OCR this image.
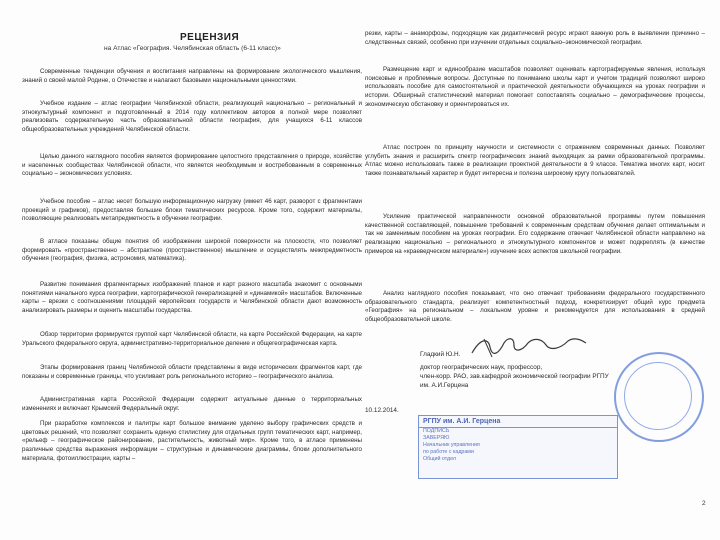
РЕЦЕНЗИЯ
на Атлас «География. Челябинская область (6-11 класс)»

Современные тенденции обучения и воспитания направлены на формирование экологического мышления, знаний о своей малой Родине, о Отечестве и налагают базовыми национальными ценностями.

Учебное издание – атлас географии Челябинской области, реализующий национально – региональный и этнокультурный компонент и подготовленный в 2014 году коллективом авторов в полной мере позволяет реализовать содержательную часть образовательной области география, для учащихся 6-11 классов общеобразовательных учреждений Челябинской области.

Целью данного наглядного пособия является формирование целостного представления о природе, хозяйстве и населенных сообществах Челябинской области, что является необходимым и востребованным в современных социально – экономических условиях.

Учебное пособие – атлас несет большую информационную нагрузку (имеет 46 карт, разворот с фрагментами проекций и графиков), предоставляя большие блоки тематических ресурсов. Кроме того, содержит материалы, позволяющие реализовать метапредметность в обучении географии.

В атласе показаны общие понятия об изображении широкой поверхности на плоскости, что позволяет формировать «пространственно – абстрактное (пространственное) мышление и осуществлять межпредметность обучения (география, физика, астрономия, математика).

Развитие понимания фрагментарных изображений планов и карт разного масштаба знакомит с основными понятиями начального курса географии, картографической генерализацией и «динамикой» масштабов. Включенные карты – врезки с соотношениями площадей европейских государств и Челябинской области дают возможность анализировать размеры и оценить масштабы государства.

Обзор территории формируется группой карт Челябинской области, на карте Российской Федерации, на карте Уральского федерального округа, административно-территориальное деление и общегеографическая карта.

Этапы формирования границ Челябинской области представлены в виде исторических фрагментов карт, где показаны и современные границы, что усиливает роль регионального историко – географического анализа.

Административная карта Российской Федерации содержит актуальные данные о территориальных изменениях и включает Крымский Федеральный округ.

При разработке комплексов и палитры карт большое внимание уделено выбору графических средств и цветовых решений, что позволяет сохранить единую стилистику для отдельных групп тематических карт, например, «рельеф – географическое районирование, растительность, животный мир». Кроме того, в атласе применены различные средства выражения информации – структурные и динамические диаграммы, блоки дополнительного материала, фотоиллюстрации, карты –

резки, карты – анаморфозы, подходящие как дидактический ресурс играют важную роль в выявлении причинно – следственных связей, особенно при изучении отдельных социально–экономической географии.

Размещение карт и единообразие масштабов позволяет оценивать картографируемые явления, используя поисковые и проблемные вопросы. Доступные по пониманию школы карт и учетом традиций позволяют широко использовать пособие для самостоятельной и практической деятельности обучающихся на уроках географии и истории. Обширный статистический материал помогает сопоставлять социально – демографические процессы, экономическую обстановку и ориентироваться их.

Атлас построен по принципу научности и системности с отражением современных данных. Позволяет углубить знания и расширить спектр географических знаний выходящих за рамки образовательной программы. Атлас можно использовать также в реализации проектной деятельности в 9 классе. Тематика многих карт, носит также познавательный характер и будет интересна и полезна широкому кругу пользователей.

Усиление практической направленности основной образовательной программы путем повышения качественной составляющей, повышение требований к современным средствам обучения делает оптимальным и так не заменимым пособием на уроках географии. Его содержание отвечает Челябинской области направлено на реализацию национально – регионального и этнокультурного компонентов и может подкреплять (в качестве примеров на «краеведческом материале») изучение всех аспектов школьной географии.

Анализ наглядного пособия показывает, что оно отвечает требованиям федерального государственного образовательного стандарта, реализует компетентностный подход, конкретизирует общий курс предмета «География» на региональном – локальном уровне и рекомендуется для использования в средней общеобразовательной школе.

Гладкий Ю.Н.
доктор географических наук, профессор,
член-корр. РАО, зав.кафедрой экономической географии РГПУ
им. А.И.Герцена
10.12.2014.
РГПУ им. А.И. Герцена
ПОДПИСЬ
ЗАВЕРЯЮ
Начальник управления
по работе с кадрами
Общий отдел
2
